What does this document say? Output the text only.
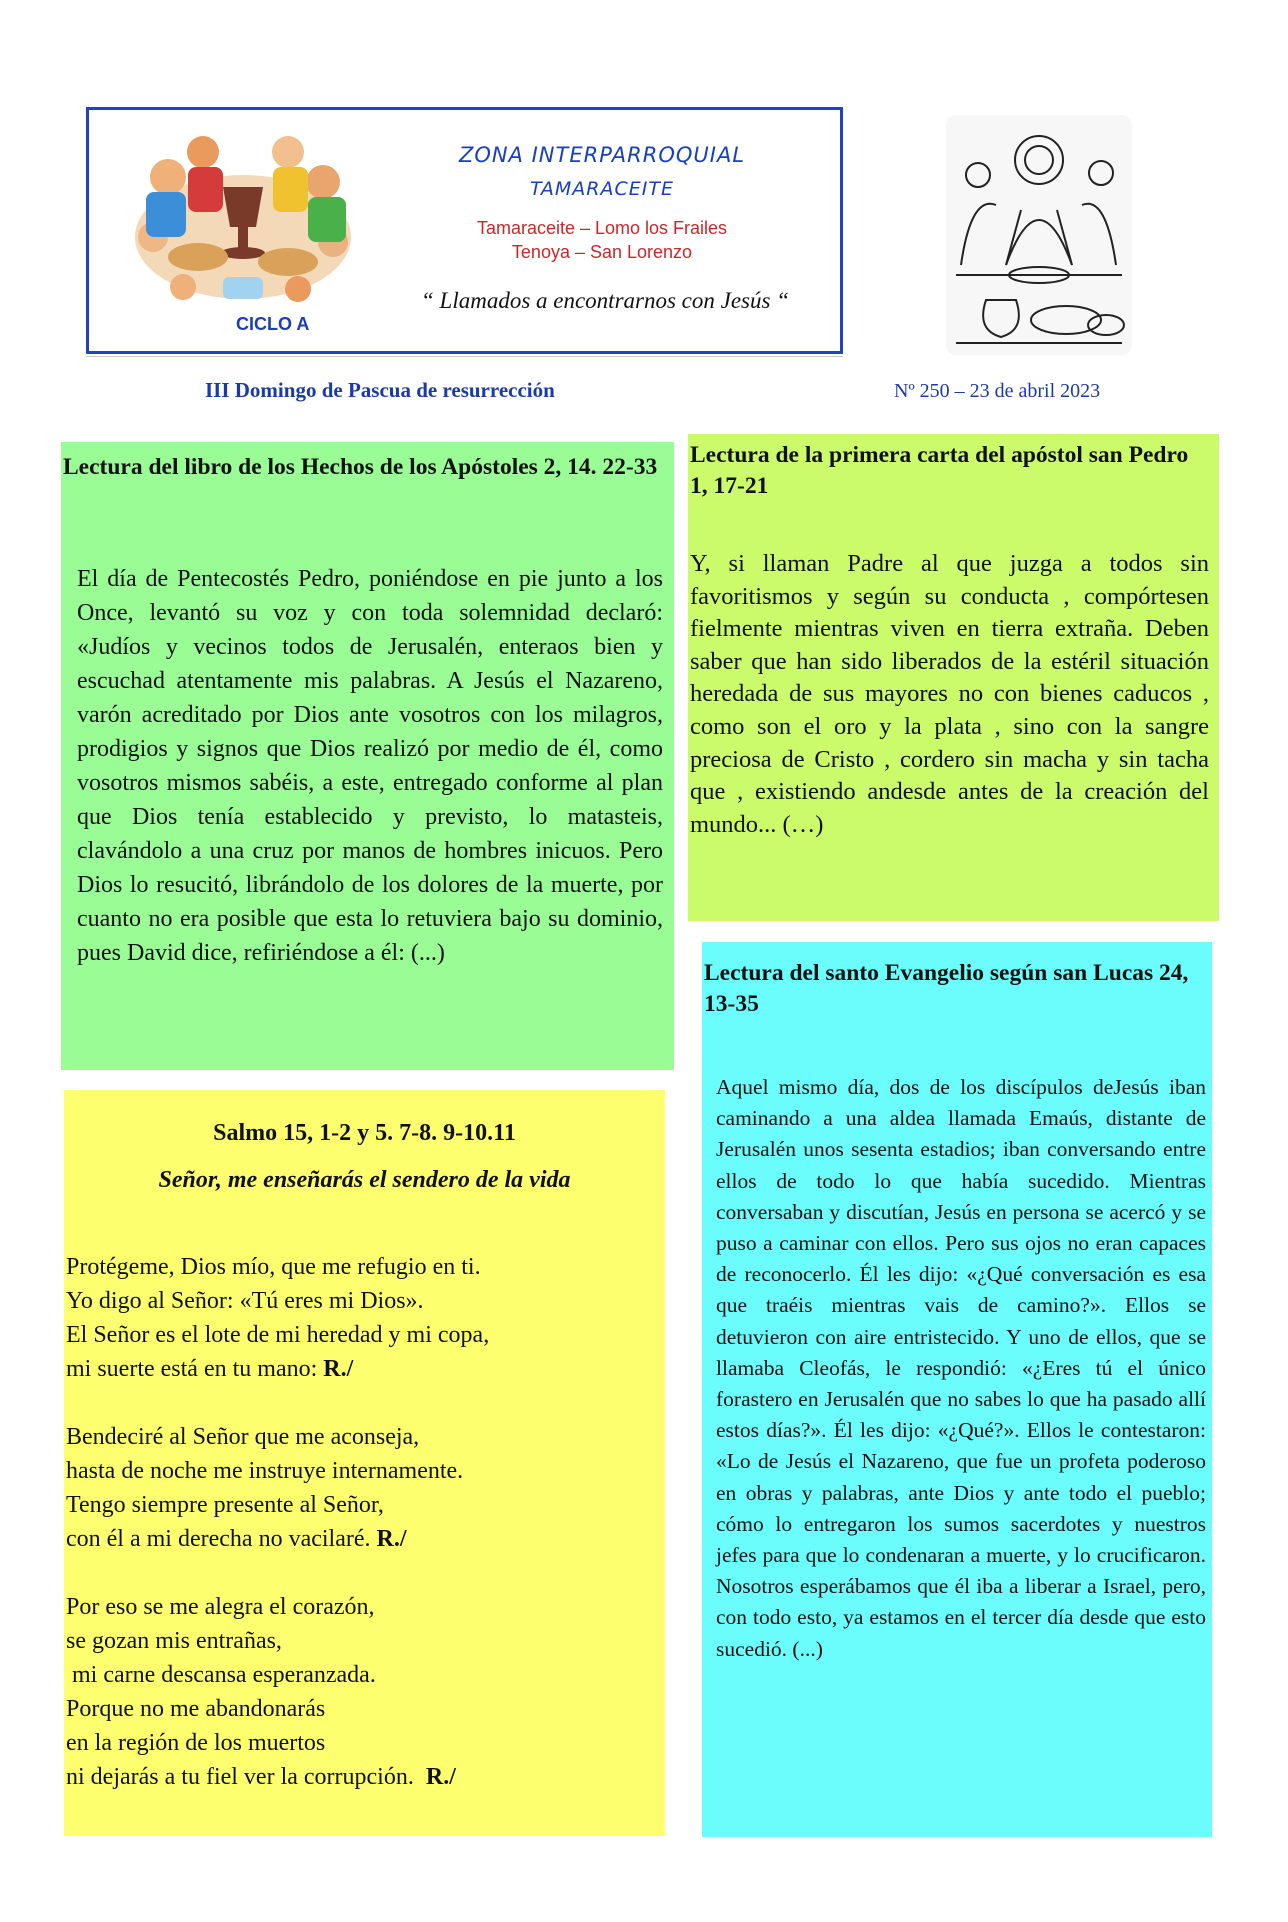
ZONA INTERPARROQUIAL
TAMARACEITE
Tamaraceite – Lomo los Frailes
Tenoya – San Lorenzo
“ Llamados a encontrarnos con Jesús “
CICLO A
III Domingo de Pascua de resurrección	Nº 250 – 23 de abril 2023
Lectura del libro de los Hechos de los Apóstoles 2, 14. 22-33

El día de Pentecostés Pedro, poniéndose en pie junto a los Once, levantó su voz y con toda solemnidad declaró: «Judíos y vecinos todos de Jerusalén, enteraos bien y escuchad atentamente mis palabras. A Jesús el Nazareno, varón acreditado por Dios ante vosotros con los milagros, prodigios y signos que Dios realizó por medio de él, como vosotros mismos sabéis, a este, entregado conforme al plan que Dios tenía establecido y previsto, lo matasteis, clavándolo a una cruz por manos de hombres inicuos. Pero Dios lo resucitó, librándolo de los dolores de la muerte, por cuanto no era posible que esta lo retuviera bajo su dominio, pues David dice, refiriéndose a él: (...)

Lectura de la primera carta del apóstol san Pedro 1, 17-21

Y, si llaman Padre al que juzga a todos sin favoritismos y según su conducta , compórtesen fielmente mientras viven en tierra extraña. Deben saber que han sido liberados de la estéril situación heredada de sus mayores no con bienes caducos , como son el oro y la plata , sino con la sangre preciosa de Cristo , cordero sin macha y sin tacha que , existiendo andesde antes de la creación del mundo... (…)

Salmo 15, 1-2 y 5. 7-8. 9-10.11
Señor, me enseñarás el sendero de la vida
Protégeme, Dios mío, que me refugio en ti.
Yo digo al Señor: «Tú eres mi Dios».
El Señor es el lote de mi heredad y mi copa,
mi suerte está en tu mano: R./
Bendeciré al Señor que me aconseja,
hasta de noche me instruye internamente.
Tengo siempre presente al Señor,
con él a mi derecha no vacilaré. R./
Por eso se me alegra el corazón,
se gozan mis entrañas,
mi carne descansa esperanzada.
Porque no me abandonarás
en la región de los muertos
ni dejarás a tu fiel ver la corrupción.  R./
Lectura del santo Evangelio según san Lucas 24, 13-35

Aquel mismo día, dos de los discípulos deJesús iban caminando a una aldea llamada Emaús, distante de Jerusalén unos sesenta estadios; iban conversando entre ellos de todo lo que había sucedido. Mientras conversaban y discutían, Jesús en persona se acercó y se puso a caminar con ellos. Pero sus ojos no eran capaces de reconocerlo. Él les dijo: «¿Qué conversación es esa que traéis mientras vais de camino?». Ellos se detuvieron con aire entristecido. Y uno de ellos, que se llamaba Cleofás, le respondió: «¿Eres tú el único forastero en Jerusalén que no sabes lo que ha pasado allí estos días?». Él les dijo: «¿Qué?». Ellos le contestaron: «Lo de Jesús el Nazareno, que fue un profeta poderoso en obras y palabras, ante Dios y ante todo el pueblo; cómo lo entregaron los sumos sacerdotes y nuestros jefes para que lo condenaran a muerte, y lo crucificaron. Nosotros esperábamos que él iba a liberar a Israel, pero, con todo esto, ya estamos en el tercer día desde que esto sucedió. (...)
